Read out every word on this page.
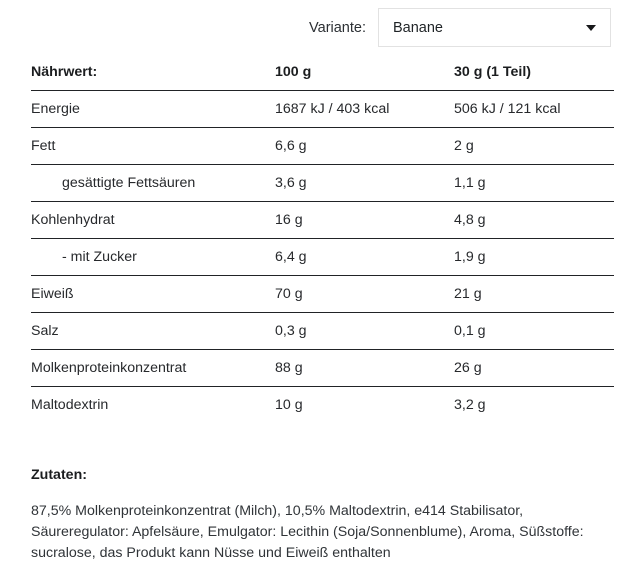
Variante: Banane
Nährwert:	100 g	30 g (1 Teil)
Energie	1687 kJ / 403 kcal	506 kJ / 121 kcal
Fett	6,6 g	2 g
gesättigte Fettsäuren	3,6 g	1,1 g
Kohlenhydrat	16 g	4,8 g
- mit Zucker	6,4 g	1,9 g
Eiweiß	70 g	21 g
Salz	0,3 g	0,1 g
Molkenproteinkonzentrat	88 g	26 g
Maltodextrin	10 g	3,2 g
Zutaten:
87,5% Molkenproteinkonzentrat (Milch), 10,5% Maltodextrin, e414 Stabilisator, Säureregulator: Apfelsäure, Emulgator: Lecithin (Soja/Sonnenblume), Aroma, Süßstoffe: sucralose, das Produkt kann Nüsse und Eiweiß enthalten
